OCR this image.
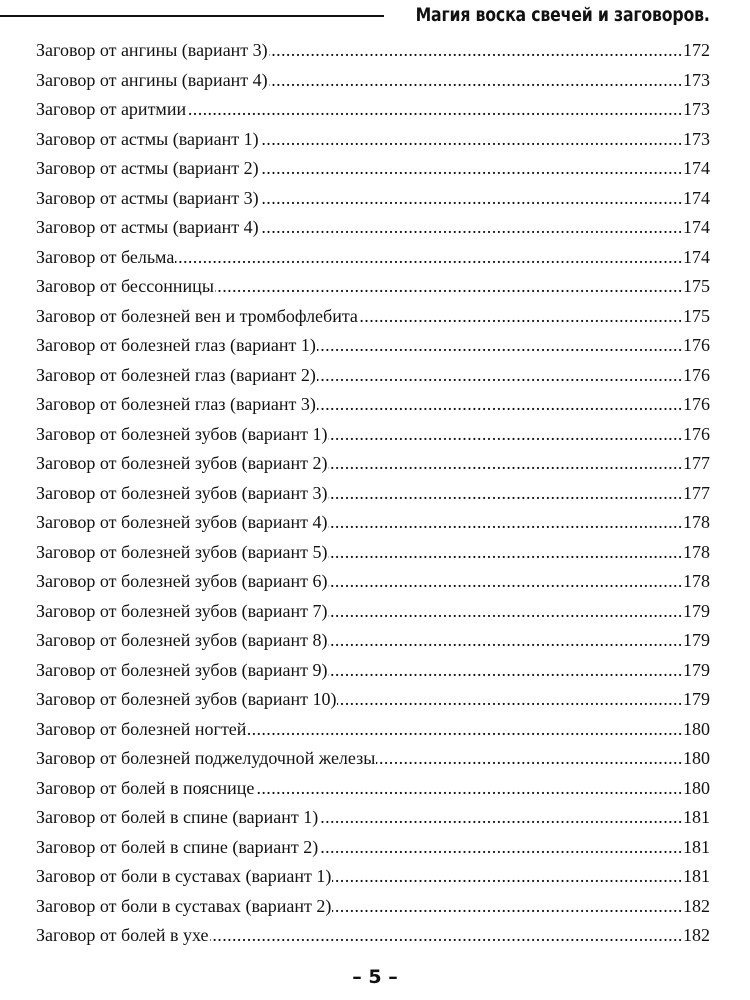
Магия воска свечей и заговоров.
.....
Заговор от ангины (вариант 3)	172
.....
Заговор от ангины (вариант 4)	173
.....
Заговор от аритмии	173
.....
Заговор от астмы (вариант 1)	173
.....
Заговор от астмы (вариант 2)	174
.....
Заговор от астмы (вариант 3)	174
.....
Заговор от астмы (вариант 4)	174
.....
Заговор от бельма	174
.....
Заговор от бессонницы	175
.....
Заговор от болезней вен и тромбофлебита	175
.....
Заговор от болезней глаз (вариант 1)	176
.....
Заговор от болезней глаз (вариант 2)	176
.....
Заговор от болезней глаз (вариант 3)	176
.....
Заговор от болезней зубов (вариант 1)	176
.....
Заговор от болезней зубов (вариант 2)	177
.....
Заговор от болезней зубов (вариант 3)	177
.....
Заговор от болезней зубов (вариант 4)	178
.....
Заговор от болезней зубов (вариант 5)	178
.....
Заговор от болезней зубов (вариант 6)	178
.....
Заговор от болезней зубов (вариант 7)	179
.....
Заговор от болезней зубов (вариант 8)	179
.....
Заговор от болезней зубов (вариант 9)	179
.....
Заговор от болезней зубов (вариант 10)	179
.....
Заговор от болезней ногтей	180
.....
Заговор от болезней поджелудочной железы	180
.....
Заговор от болей в пояснице	180
.....
Заговор от болей в спине (вариант 1)	181
.....
Заговор от болей в спине (вариант 2)	181
.....
Заговор от боли в суставах (вариант 1)	181
.....
Заговор от боли в суставах (вариант 2)	182
.....
Заговор от болей в ухе	182
– 5 –
